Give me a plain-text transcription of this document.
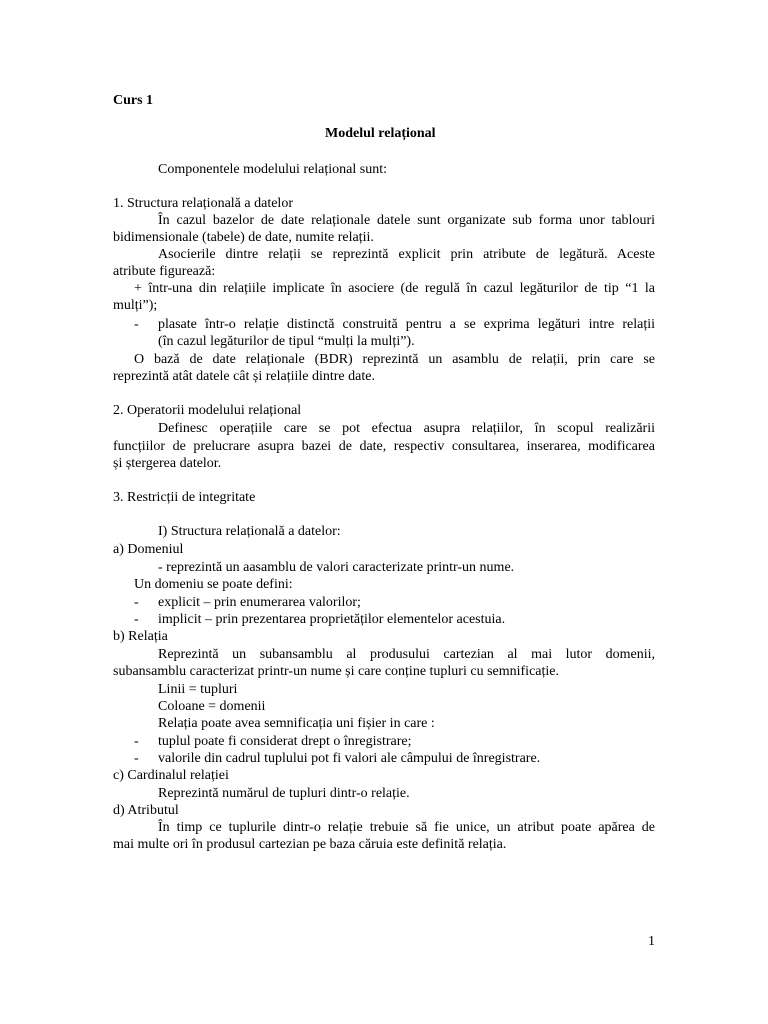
Curs 1
Modelul relațional
Componentele modelului relațional sunt:
1. Structura relațională a datelor
În cazul bazelor de date relaționale datele sunt organizate sub forma unor tablouri
bidimensionale (tabele) de date, numite relații.
Asocierile dintre relații se reprezintă explicit prin atribute de legătură. Aceste
atribute figurează:
+ într-una din relațiile implicate în asociere (de regulă în cazul legăturilor de tip “1 la
mulți”);
- plasate într-o relație distinctă construită pentru a se exprima legături intre relații
(în cazul legăturilor de tipul “mulți la mulți”).
O bază de date relaționale (BDR) reprezintă un asamblu de relații, prin care se
reprezintă atât datele cât și relațiile dintre date.
2. Operatorii modelului relațional
Definesc operațiile care se pot efectua asupra relațiilor, în scopul realizării
funcțiilor de prelucrare asupra bazei de date, respectiv consultarea, inserarea, modificarea
și ștergerea datelor.
3. Restricții de integritate
I) Structura relațională a datelor:
a) Domeniul
- reprezintă un aasamblu de valori caracterizate printr-un nume.
Un domeniu se poate defini:
- explicit – prin enumerarea valorilor;
- implicit – prin prezentarea proprietăților elementelor acestuia.
b) Relația
Reprezintă un subansamblu al produsului cartezian al mai lutor domenii,
subansamblu caracterizat printr-un nume și care conține tupluri cu semnificație.
Linii = tupluri
Coloane = domenii
Relația poate avea semnificația uni fișier in care :
- tuplul poate fi considerat drept o înregistrare;
- valorile din cadrul tuplului pot fi valori ale câmpului de înregistrare.
c) Cardinalul relației
Reprezintă numărul de tupluri dintr-o relație.
d) Atributul
În timp ce tuplurile dintr-o relație trebuie să fie unice, un atribut poate apărea de
mai multe ori în produsul cartezian pe baza căruia este definită relația.
1
